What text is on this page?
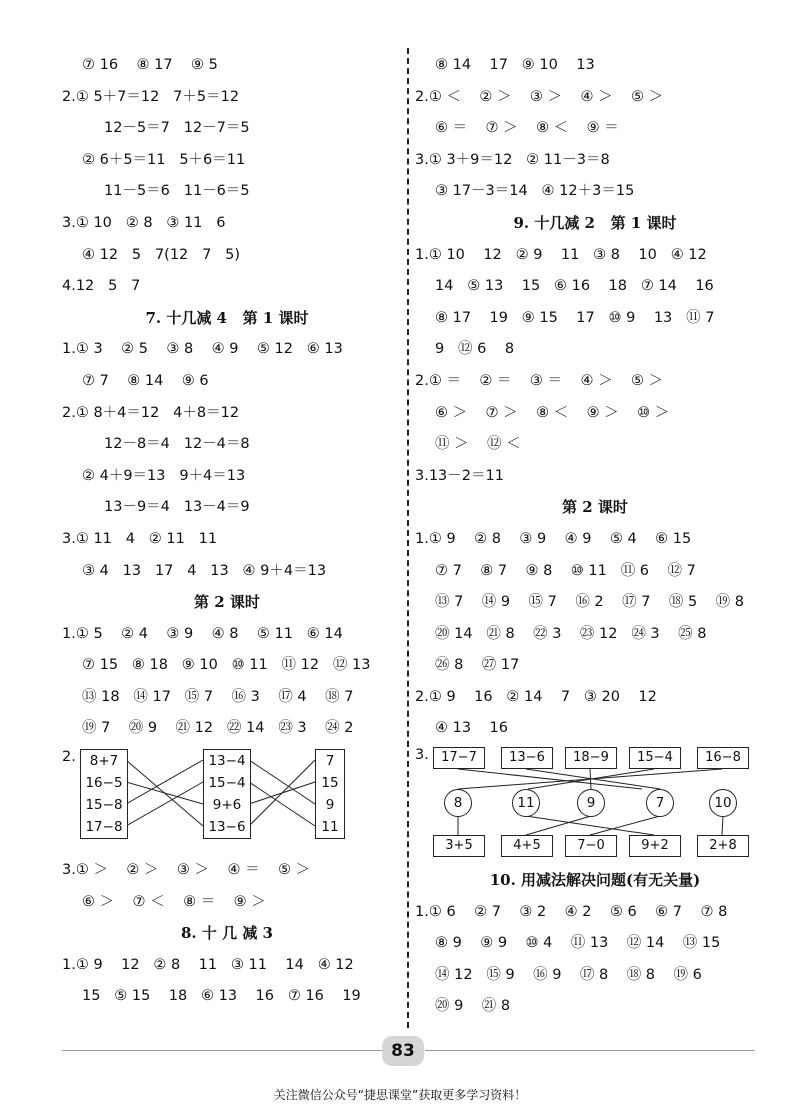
⑦ 16    ⑧ 17    ⑨ 5
2.① 5＋7＝12   7＋5＝12
12－5＝7   12－7＝5
② 6＋5＝11   5＋6＝11
11－5＝6   11－6＝5
3.① 10   ② 8   ③ 11   6
④ 12   5   7(12   7   5)
4.12   5   7
7. 十几减 4   第 1 课时
1.① 3    ② 5    ③ 8    ④ 9    ⑤ 12   ⑥ 13
⑦ 7    ⑧ 14    ⑨ 6
2.① 8＋4＝12   4＋8＝12
12－8＝4   12－4＝8
② 4＋9＝13   9＋4＝13
13－9＝4   13－4＝9
3.① 11   4   ② 11   11
③ 4   13   17   4   13   ④ 9＋4＝13
第 2 课时
1.① 5    ② 4    ③ 9    ④ 8    ⑤ 11   ⑥ 14
⑦ 15   ⑧ 18   ⑨ 10   ⑩ 11   ⑪ 12   ⑫ 13
⑬ 18   ⑭ 17   ⑮ 7    ⑯ 3    ⑰ 4    ⑱ 7
⑲ 7    ⑳ 9    ㉑ 12   ㉒ 14   ㉓ 3    ㉔ 2
2.	8+7
16−5
15−8
17−8
13−4
15−4
9+6
13−6
7
15
9
11
3.① ＞    ② ＞    ③ ＞    ④ ＝    ⑤ ＞
⑥ ＞    ⑦ ＜    ⑧ ＝    ⑨ ＞
8. 十 几 减 3
1.① 9    12   ② 8    11   ③ 11    14   ④ 12
15   ⑤ 15    18   ⑥ 13    16   ⑦ 16    19
⑧ 14    17   ⑨ 10    13
2.① ＜    ② ＞    ③ ＞    ④ ＞    ⑤ ＞
⑥ ＝    ⑦ ＞    ⑧ ＜    ⑨ ＝
3.① 3＋9＝12   ② 11－3＝8
③ 17－3＝14   ④ 12＋3＝15
9. 十几减 2   第 1 课时
1.① 10    12   ② 9    11   ③ 8    10   ④ 12
14   ⑤ 13    15   ⑥ 16    18   ⑦ 14    16
⑧ 17    19   ⑨ 15    17   ⑩ 9    13   ⑪ 7
9   ⑫ 6    8
2.① ＝    ② ＝    ③ ＝    ④ ＞    ⑤ ＞
⑥ ＞    ⑦ ＞    ⑧ ＜    ⑨ ＞    ⑩ ＞
⑪ ＞    ⑫ ＜
3.13－2＝11
第 2 课时
1.① 9    ② 8    ③ 9    ④ 9    ⑤ 4    ⑥ 15
⑦ 7    ⑧ 7    ⑨ 8    ⑩ 11   ⑪ 6    ⑫ 7
⑬ 7    ⑭ 9    ⑮ 7    ⑯ 2    ⑰ 7    ⑱ 5    ⑲ 8
⑳ 14   ㉑ 8    ㉒ 3    ㉓ 12   ㉔ 3    ㉕ 8
㉖ 8    ㉗ 17
2.① 9    16   ② 14    7   ③ 20    12
④ 13    16
3. 17−7	13−6	18−9	15−4	16−8
8	11	9	7	10
3+5	4+5	7−0	9+2	2+8
10. 用减法解决问题(有无关量)
1.① 6    ② 7    ③ 2    ④ 2    ⑤ 6    ⑥ 7    ⑦ 8
⑧ 9    ⑨ 9    ⑩ 4    ⑪ 13    ⑫ 14    ⑬ 15
⑭ 12   ⑮ 9    ⑯ 9    ⑰ 8    ⑱ 8    ⑲ 6
⑳ 9    ㉑ 8
83
关注微信公众号“捷思课堂”获取更多学习资料！
